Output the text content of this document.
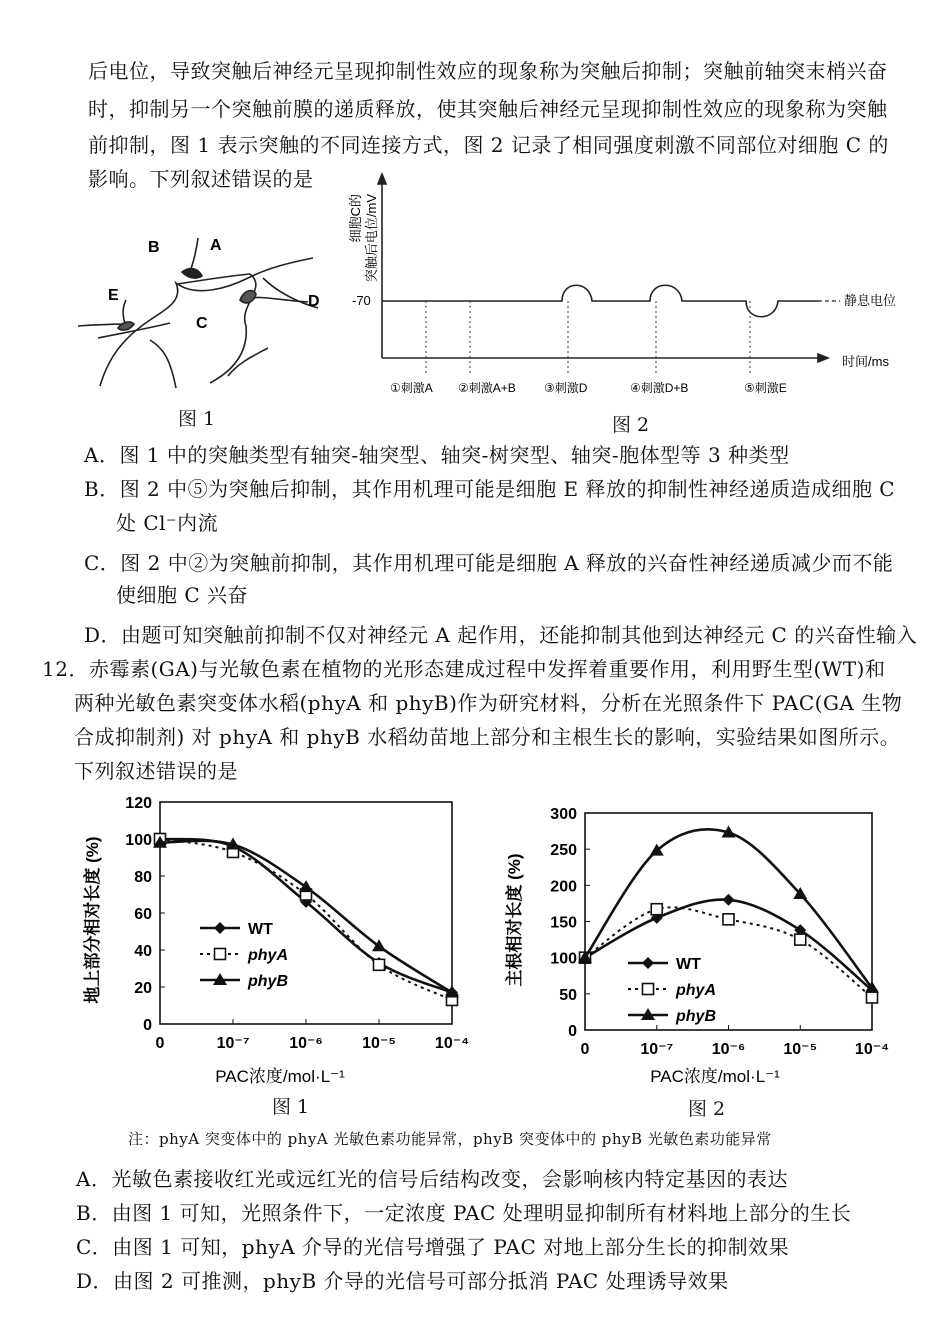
后电位，导致突触后神经元呈现抑制性效应的现象称为突触后抑制；突触前轴突末梢兴奋
时，抑制另一个突触前膜的递质释放，使其突触后神经元呈现抑制性效应的现象称为突触
前抑制，图 1 表示突触的不同连接方式，图 2 记录了相同强度刺激不同部位对细胞 C 的
影响。下列叙述错误的是
B	A
E	D
C
图 1
细胞C的 突触后电位/mV
-70	静息电位
时间/ms
①刺激A ②刺激A+B ③刺激D	④刺激D+B	⑤刺激E
图 2
A．图 1 中的突触类型有轴突-轴突型、轴突-树突型、轴突-胞体型等 3 种类型
B．图 2 中⑤为突触后抑制，其作用机理可能是细胞 E 释放的抑制性神经递质造成细胞 C
处 Cl⁻内流
C．图 2 中②为突触前抑制，其作用机理可能是细胞 A 释放的兴奋性神经递质减少而不能
使细胞 C 兴奋
D．由题可知突触前抑制不仅对神经元 A 起作用，还能抑制其他到达神经元 C 的兴奋性输入
12．赤霉素(GA)与光敏色素在植物的光形态建成过程中发挥着重要作用，利用野生型(WT)和
两种光敏色素突变体水稻(phyA 和 phyB)作为研究材料，分析在光照条件下 PAC(GA 生物
合成抑制剂) 对 phyA 和 phyB 水稻幼苗地上部分和主根生长的影响，实验结果如图所示。
下列叙述错误的是
地上部分相对长度 (%)
PAC浓度/mol·L⁻¹
0
20
40
60
80
100
120
0	10⁻⁷ 10⁻⁶ 10⁻⁵ 10⁻⁴
WT
phyA
phyB
图 1
主根相对长度 (%)
PAC浓度/mol·L⁻¹
0
50
100
150
200
250
300
0	10⁻⁷ 10⁻⁶ 10⁻⁵ 10⁻⁴
WT
phyA
phyB
图 2
注：phyA 突变体中的 phyA 光敏色素功能异常，phyB 突变体中的 phyB 光敏色素功能异常
A．光敏色素接收红光或远红光的信号后结构改变，会影响核内特定基因的表达
B．由图 1 可知，光照条件下，一定浓度 PAC 处理明显抑制所有材料地上部分的生长
C．由图 1 可知，phyA 介导的光信号增强了 PAC 对地上部分生长的抑制效果
D．由图 2 可推测，phyB 介导的光信号可部分抵消 PAC 处理诱导效果
